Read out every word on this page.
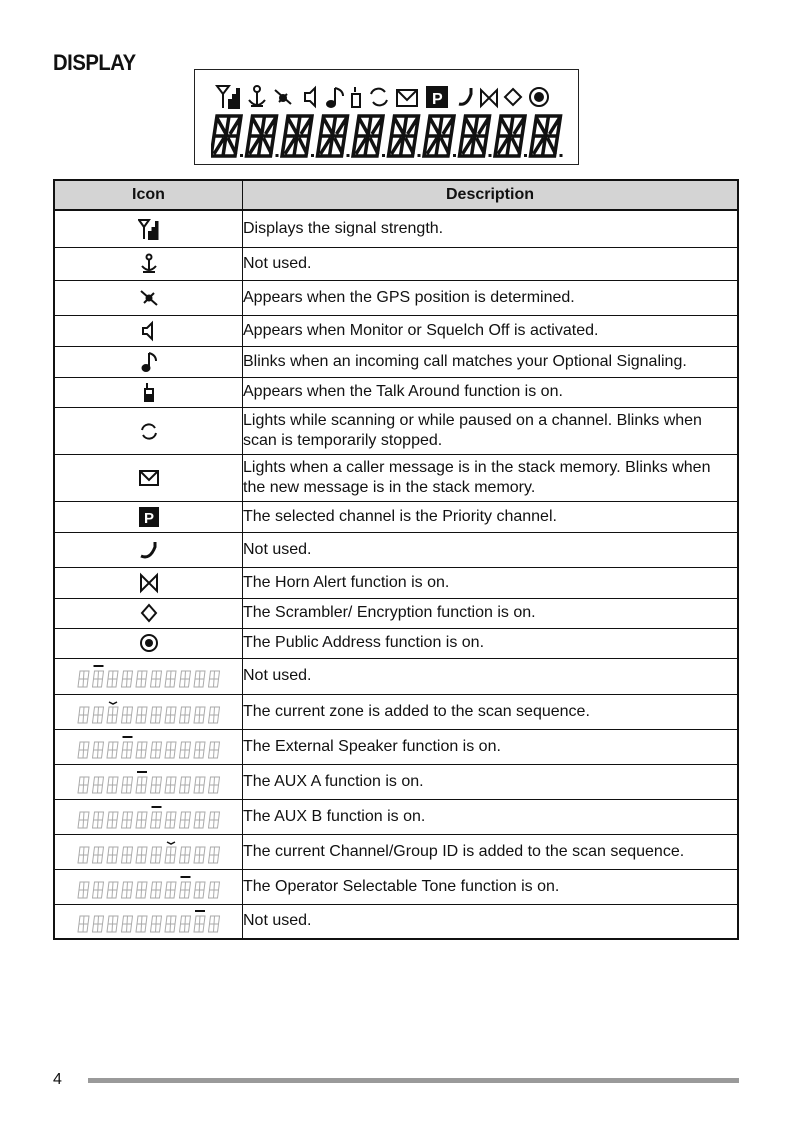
DISPLAY
P
Icon	Description

	Displays the signal strength.

	Not used.

	Appears when the GPS position is determined.

	Appears when Monitor or Squelch Off is activated.

	Blinks when an incoming call matches your Optional Signaling.

	Appears when the Talk Around function is on.

	Lights while scanning or while paused on a channel. Blinks when scan is temporarily stopped.

	Lights when a caller message is in the stack memory. Blinks when the new message is in the stack memory.

P	The selected channel is the Priority channel.

	Not used.

	The Horn Alert function is on.

	The Scrambler/ Encryption function is on.

	The Public Address function is on.

	Not used.

	The current zone is added to the scan sequence.

	The External Speaker function is on.

	The AUX A function is on.

	The AUX B function is on.

	The current Channel/Group ID is added to the scan sequence.

	The Operator Selectable Tone function is on.

	Not used.
4
